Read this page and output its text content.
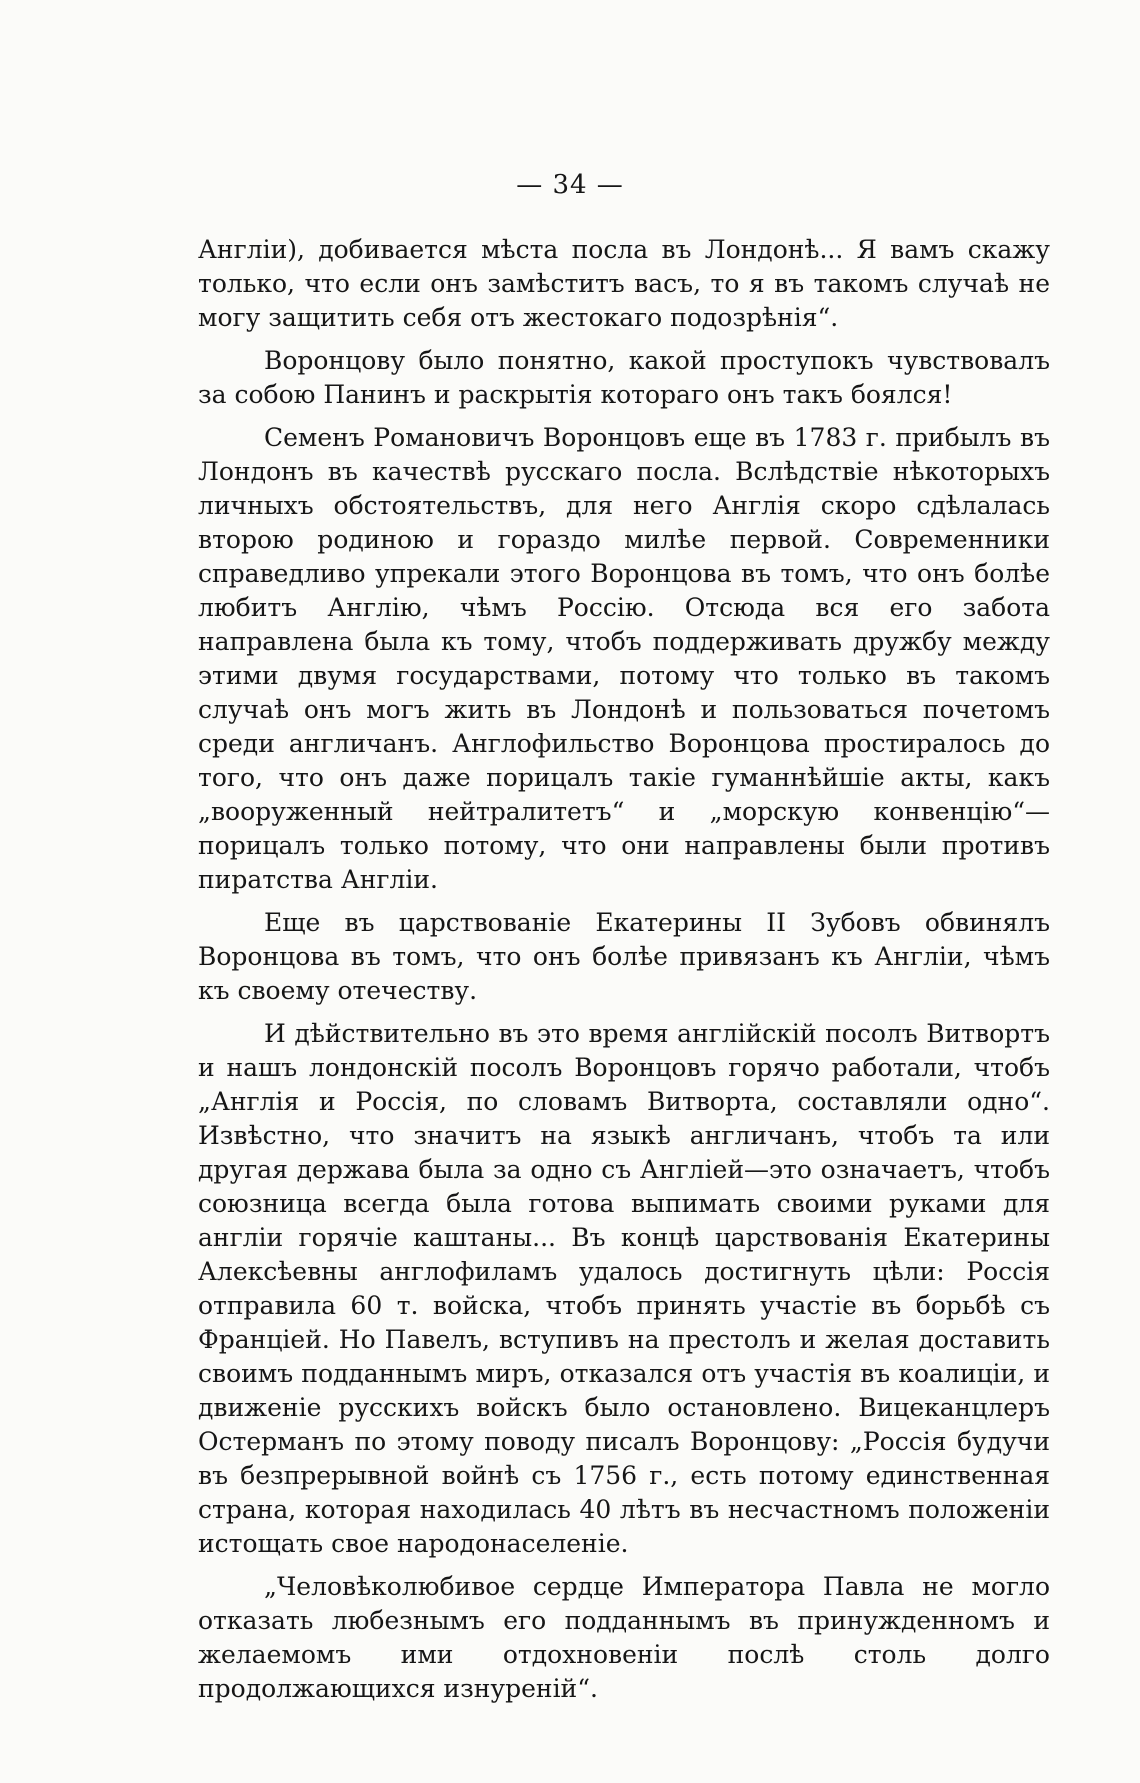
— 34 —

Англіи), добивается мѣста посла въ Лондонѣ... Я вамъ скажу только, что если онъ замѣститъ васъ, то я въ такомъ случаѣ не могу защитить себя отъ жестокаго подозрѣнія“.

Воронцову было понятно, какой проступокъ чувствовалъ за собою Панинъ и раскрытія котораго онъ такъ боялся!

Семенъ Романовичъ Воронцовъ еще въ 1783 г. прибылъ въ Лондонъ въ качествѣ русскаго посла. Вслѣдствіе нѣкоторыхъ личныхъ обстоятельствъ, для него Англія скоро сдѣлалась второю родиною и гораздо милѣе первой. Современники справедливо упрекали этого Воронцова въ томъ, что онъ болѣе любитъ Англію, чѣмъ Россію. Отсюда вся его забота направлена была къ тому, чтобъ поддерживать дружбу между этими двумя государствами, потому что только въ такомъ случаѣ онъ могъ жить въ Лондонѣ и пользоваться почетомъ среди англичанъ. Англофильство Воронцова простиралось до того, что онъ даже порицалъ такіе гуманнѣйшіе акты, какъ „вооруженный нейтралитетъ“ и „морскую конвенцію“— порицалъ только потому, что они направлены были противъ пиратства Англіи.

Еще въ царствованіе Екатерины II Зубовъ обвинялъ Воронцова въ томъ, что онъ болѣе привязанъ къ Англіи, чѣмъ къ своему отечеству.

И дѣйствительно въ это время англійскій посолъ Витвортъ и нашъ лондонскій посолъ Воронцовъ горячо работали, чтобъ „Англія и Россія, по словамъ Витворта, составляли одно“. Извѣстно, что значитъ на языкѣ англичанъ, чтобъ та или другая держава была за одно съ Англіей—это означаетъ, чтобъ союзница всегда была готова выпимать своими руками для англіи горячіе каштаны... Въ концѣ царствованія Екатерины Алексѣевны англофиламъ удалось достигнуть цѣли: Россія отправила 60 т. войска, чтобъ принять участіе въ борьбѣ съ Франціей. Но Павелъ, вступивъ на престолъ и желая доставить своимъ подданнымъ миръ, отказался отъ участія въ коалиціи, и движеніе русскихъ войскъ было остановлено. Вицеканцлеръ Остерманъ по этому поводу писалъ Воронцову: „Россія будучи въ безпрерывной войнѣ съ 1756 г., есть потому единственная страна, которая находилась 40 лѣтъ въ несчастномъ положеніи истощать свое народонаселеніе.

„Человѣколюбивое сердце Императора Павла не могло отказать любезнымъ его подданнымъ въ принужденномъ и желаемомъ ими отдохновеніи послѣ столь долго продолжающихся изнуреній“.
